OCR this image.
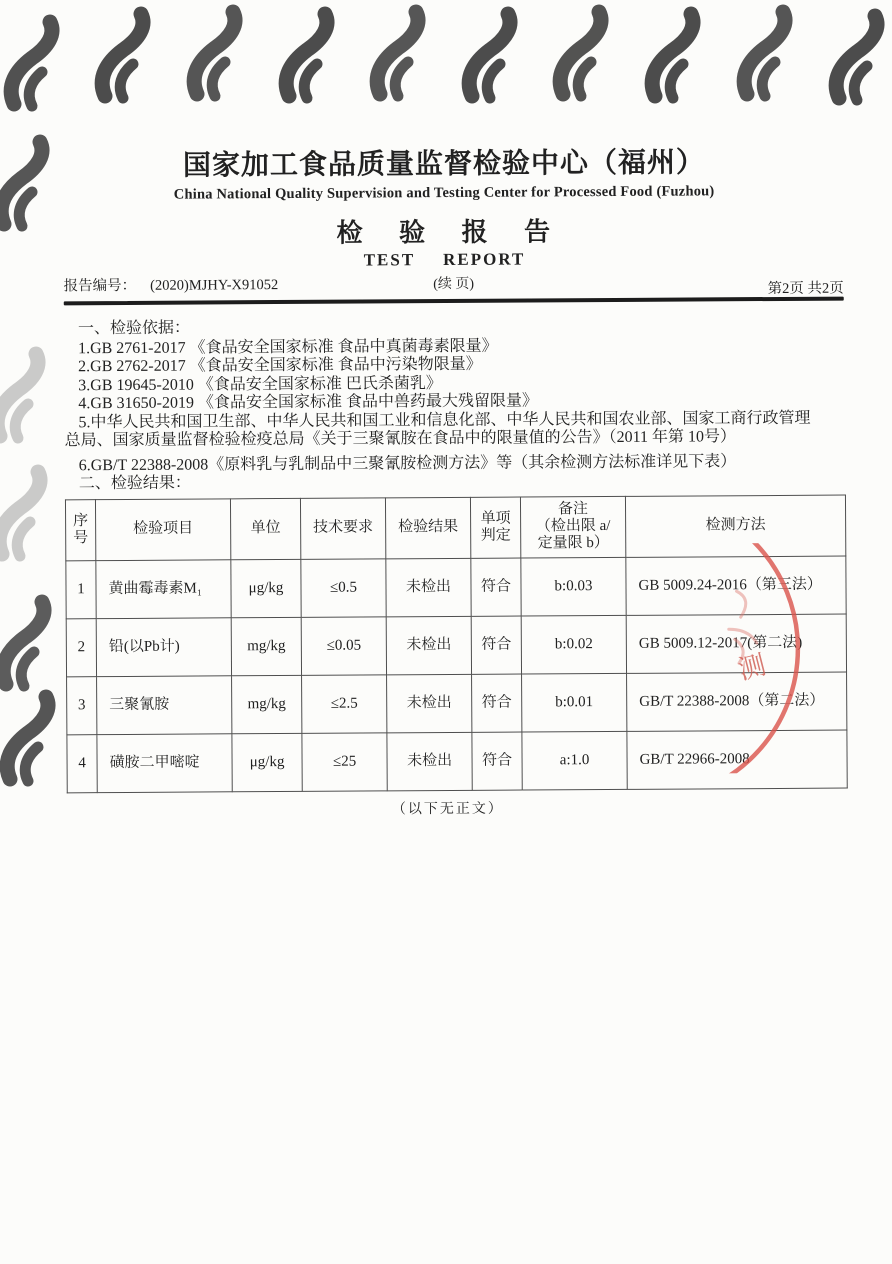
国家加工食品质量监督检验中心（福州）
China National Quality Supervision and Testing Center for Processed Food (Fuzhou)
检 验 报 告
TEST REPORT
报告编号： (2020)MJHY-X91052	(续 页)	第2页 共2页

一、检验依据：

1.GB 2761-2017 《食品安全国家标准 食品中真菌毒素限量》

2.GB 2762-2017 《食品安全国家标准 食品中污染物限量》

3.GB 19645-2010 《食品安全国家标准 巴氏杀菌乳》

4.GB 31650-2019 《食品安全国家标准 食品中兽药最大残留限量》

5.中华人民共和国卫生部、中华人民共和国工业和信息化部、中华人民共和国农业部、国家工商行政管理总局、国家质量监督检验检疫总局《关于三聚氰胺在食品中的限量值的公告》（2011 年第 10号）

6.GB/T 22388-2008《原料乳与乳制品中三聚氰胺检测方法》等（其余检测方法标准详见下表）

二、检验结果：

序
号	检验项目	单位	技术要求	检验结果	单项
判定	备注
（检出限 a/
定量限 b）	检测方法
1	黄曲霉毒素M₁	μg/kg	≤0.5	未检出	符合	b:0.03	GB 5009.24-2016（第三法）
2	铅(以Pb计)	mg/kg	≤0.05	未检出	符合	b:0.02	GB 5009.12-2017(第二法)
3	三聚氰胺	mg/kg	≤2.5	未检出	符合	b:0.01	GB/T 22388-2008（第二法）
4	磺胺二甲嘧啶	μg/kg	≤25	未检出	符合	a:1.0	GB/T 22966-2008
（以下无正文）
测
